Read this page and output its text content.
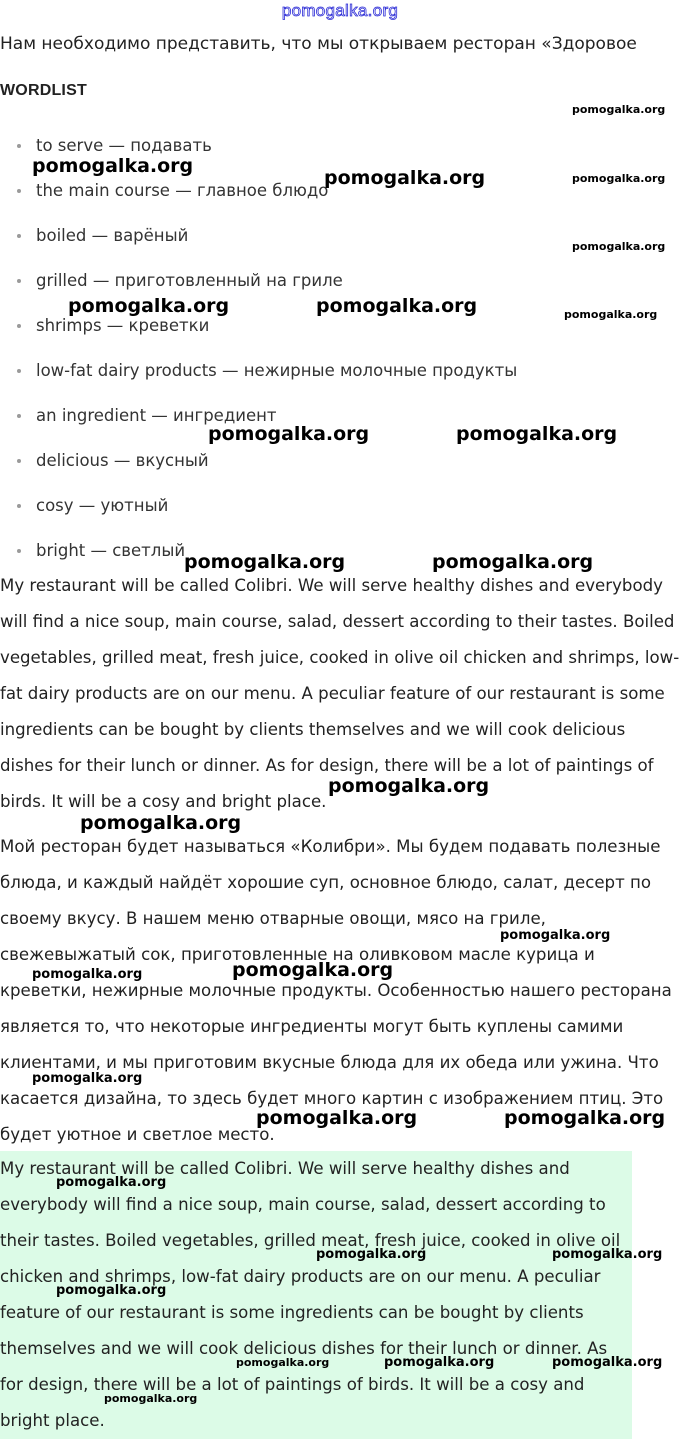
pomogalka.org
Нам необходимо представить, что мы открываем ресторан «Здоровое
WORDLIST
to serve — подавать
the main course — главное блюдо
boiled — варёный
grilled — приготовленный на гриле
shrimps — креветки
low-fat dairy products — нежирные молочные продукты
an ingredient — ингредиент
delicious — вкусный
cosy — уютный
bright — светлый

My restaurant will be called Colibri. We will serve healthy dishes and everybody will find a nice soup, main course, salad, dessert according to their tastes. Boiled vegetables, grilled meat, fresh juice, cooked in olive oil chicken and shrimps, low-fat dairy products are on our menu. A peculiar feature of our restaurant is some ingredients can be bought by clients themselves and we will cook delicious dishes for their lunch or dinner. As for design, there will be a lot of paintings of birds. It will be a cosy and bright place.

Мой ресторан будет называться «Колибри». Мы будем подавать полезные блюда, и каждый найдёт хорошие суп, основное блюдо, салат, десерт по своему вкусу. В нашем меню отварные овощи, мясо на гриле, свежевыжатый сок, приготовленные на оливковом масле курица и креветки, нежирные молочные продукты. Особенностью нашего ресторана является то, что некоторые ингредиенты могут быть куплены самими клиентами, и мы приготовим вкусные блюда для их обеда или ужина. Что касается дизайна, то здесь будет много картин с изображением птиц. Это будет уютное и светлое место.

My restaurant will be called Colibri. We will serve healthy dishes and everybody will find a nice soup, main course, salad, dessert according to their tastes. Boiled vegetables, grilled meat, fresh juice, cooked in olive oil chicken and shrimps, low-fat dairy products are on our menu. A peculiar feature of our restaurant is some ingredients can be bought by clients themselves and we will cook delicious dishes for their lunch or dinner. As for design, there will be a lot of paintings of birds. It will be a cosy and bright place.

pomogalka.org
pomogalka.org
pomogalka.org	pomogalka.org
pomogalka.org
pomogalka.org	pomogalka.org	pomogalka.org
pomogalka.org	pomogalka.org
pomogalka.org	pomogalka.org
pomogalka.org
pomogalka.org
pomogalka.org
pomogalka.org
pomogalka.org
pomogalka.org
pomogalka.org	pomogalka.org
pomogalka.org
pomogalka.org	pomogalka.org
pomogalka.org
pomogalka.org	pomogalka.org	pomogalka.org
pomogalka.org
